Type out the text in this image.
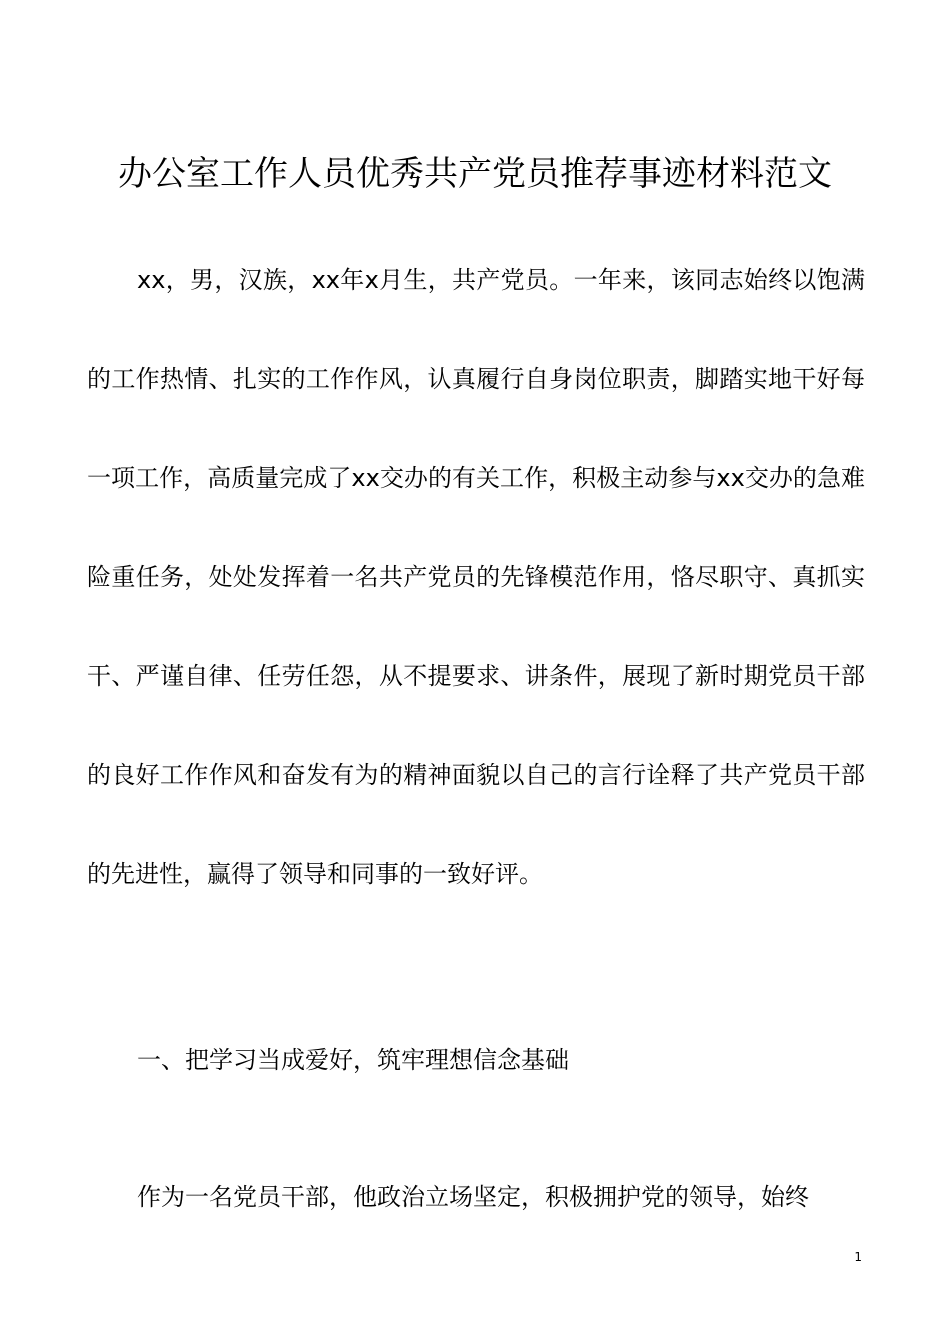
办公室工作人员优秀共产党员推荐事迹材料范文
xx，男，汉族，xx年x月生，共产党员。一年来，该同志始终以饱满的工作热情、扎实的工作作风，认真履行自身岗位职责，脚踏实地干好每一项工作，高质量完成了xx交办的有关工作，积极主动参与xx交办的急难险重任务，处处发挥着一名共产党员的先锋模范作用，恪尽职守、真抓实干、严谨自律、任劳任怨，从不提要求、讲条件，展现了新时期党员干部的良好工作作风和奋发有为的精神面貌以自己的言行诠释了共产党员干部的先进性，赢得了领导和同事的一致好评。
一、把学习当成爱好，筑牢理想信念基础
作为一名党员干部，他政治立场坚定，积极拥护党的领导，始终
1
